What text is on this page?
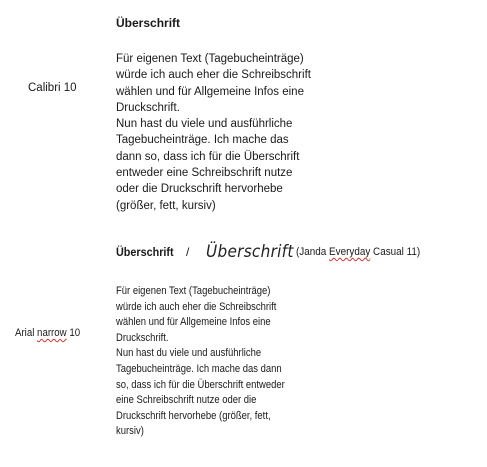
Überschrift
Calibri 10
Für eigenen Text (Tagebucheinträge)
würde ich auch eher die Schreibschrift
wählen und für Allgemeine Infos eine
Druckschrift.
Nun hast du viele und ausführliche
Tagebucheinträge. Ich mache das
dann so, dass ich für die Überschrift
entweder eine Schreibschrift nutze
oder die Druckschrift hervorhebe
(größer, fett, kursiv)
Überschrift / Überschrift (Janda Everyday Casual 11)
Arial narrow 10
Für eigenen Text (Tagebucheinträge)
würde ich auch eher die Schreibschrift
wählen und für Allgemeine Infos eine
Druckschrift.
Nun hast du viele und ausführliche
Tagebucheinträge. Ich mache das dann
so, dass ich für die Überschrift entweder
eine Schreibschrift nutze oder die
Druckschrift hervorhebe (größer, fett,
kursiv)
